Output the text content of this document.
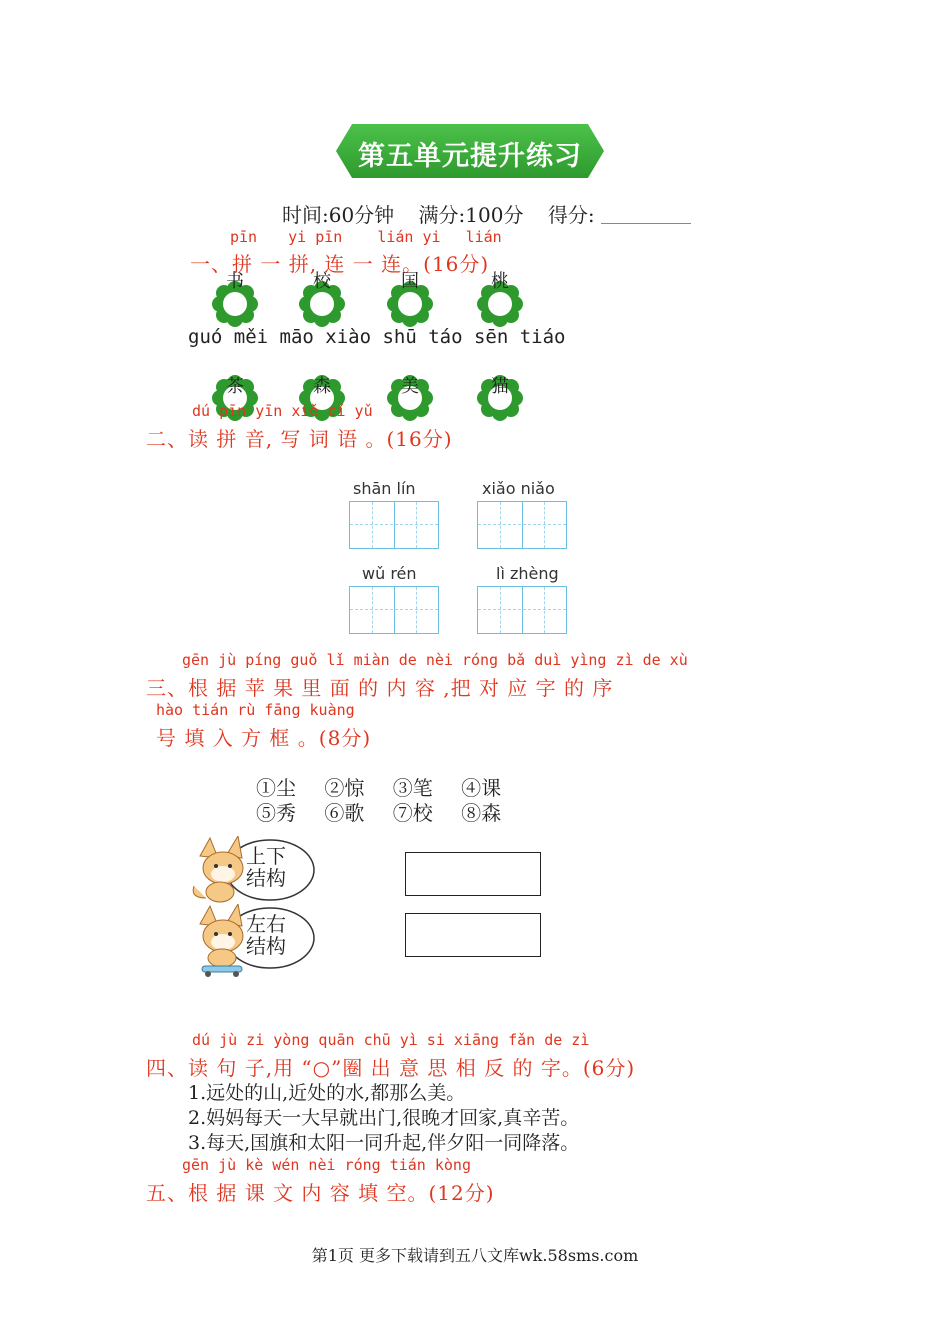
第五单元提升练习
时间:60分钟 满分:100分 得分:
pīn yi pīn lián yi lián
一、拼 一 拼, 连 一 连。(16分)
书	校	国	桃
guó měi māo xiào shū táo sēn tiáo
茶	森	美	猫
dú pīn yīn xiě cí yǔ
二、读 拼 音, 写 词 语 。(16分)
shān lín	xiǎo niǎo
wǔ rén	lì zhèng
gēn jù píng guǒ lǐ miàn de nèi róng bǎ duì yìng zì de xù
三、根 据 苹 果 里 面 的 内 容 ,把 对 应 字 的 序
hào tián rù fāng kuàng
号 填 入 方 框 。(8分)
①尘 ②惊 ③笔 ④课
⑤秀 ⑥歌 ⑦校 ⑧森
上下
结构
左右
结构
dú jù zi yòng quān chū yì si xiāng fǎn de zì
四、读 句 子,用 “○”圈 出 意 思 相 反 的 字。(6分)
1.远处的山,近处的水,都那么美。
2.妈妈每天一大早就出门,很晚才回家,真辛苦。
3.每天,国旗和太阳一同升起,伴夕阳一同降落。
gēn jù kè wén nèi róng tián kòng
五、根 据 课 文 内 容 填 空。(12分)
第1页 更多下载请到五八文库wk.58sms.com
